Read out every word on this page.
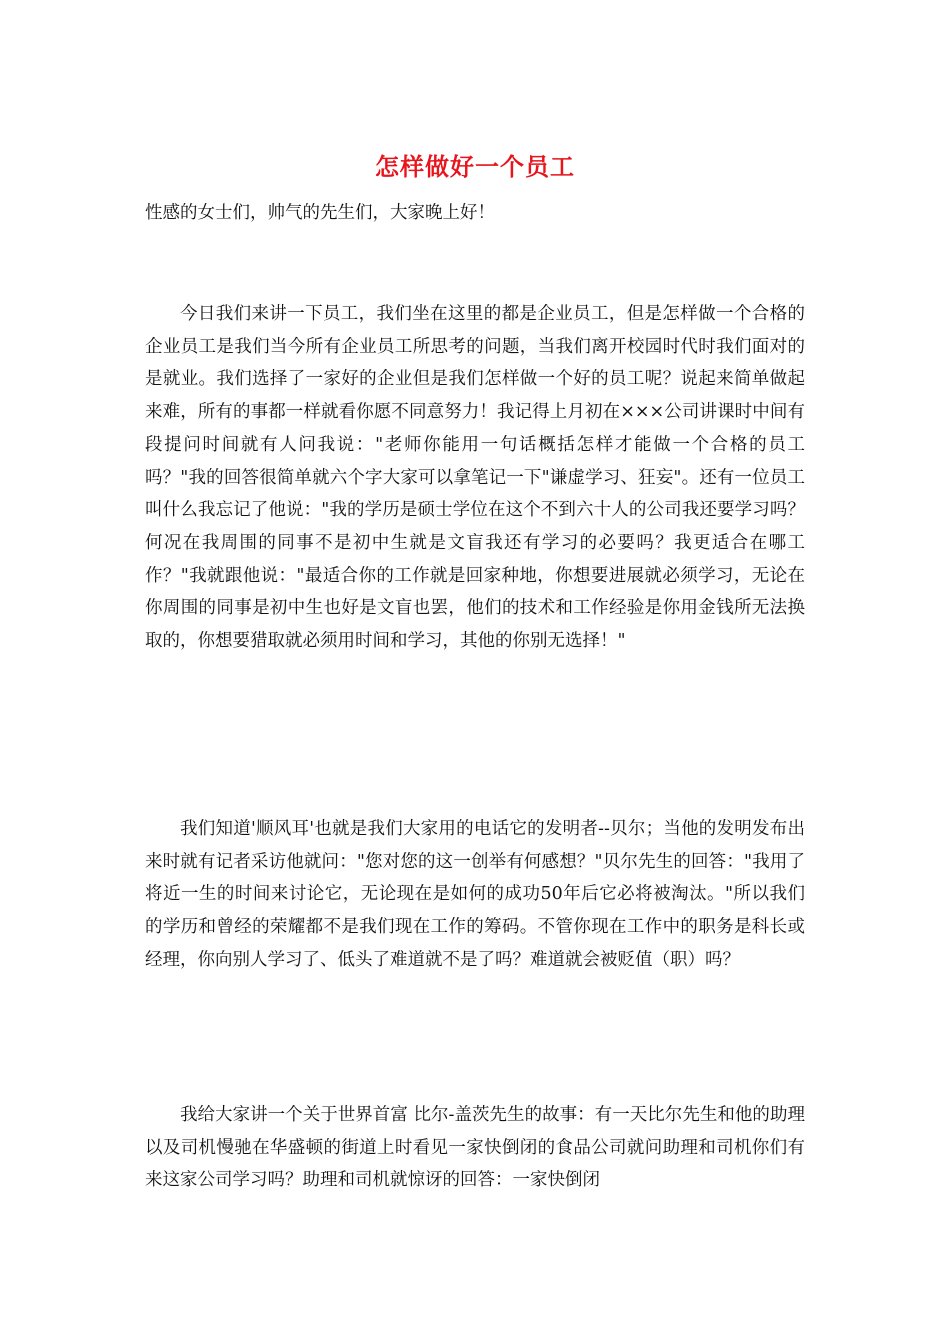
怎样做好一个员工
性感的女士们，帅气的先生们，大家晚上好！

今日我们来讲一下员工，我们坐在这里的都是企业员工，但是怎样做一个合格的企业员工是我们当今所有企业员工所思考的问题，当我们离开校园时代时我们面对的是就业。我们选择了一家好的企业但是我们怎样做一个好的员工呢？说起来简单做起来难，所有的事都一样就看你愿不同意努力！我记得上月初在×××公司讲课时中间有段提问时间就有人问我说："老师你能用一句话概括怎样才能做一个合格的员工吗？"我的回答很简单就六个字大家可以拿笔记一下"谦虚学习、狂妄"。还有一位员工叫什么我忘记了他说："我的学历是硕士学位在这个不到六十人的公司我还要学习吗？何况在我周围的同事不是初中生就是文盲我还有学习的必要吗？我更适合在哪工作？"我就跟他说："最适合你的工作就是回家种地，你想要进展就必须学习，无论在你周围的同事是初中生也好是文盲也罢，他们的技术和工作经验是你用金钱所无法换取的，你想要猎取就必须用时间和学习，其他的你别无选择！"

我们知道'顺风耳'也就是我们大家用的电话它的发明者--贝尔；当他的发明发布出来时就有记者采访他就问："您对您的这一创举有何感想？"贝尔先生的回答："我用了将近一生的时间来讨论它，无论现在是如何的成功50年后它必将被淘汰。"所以我们的学历和曾经的荣耀都不是我们现在工作的筹码。不管你现在工作中的职务是科长或经理，你向别人学习了、低头了难道就不是了吗？难道就会被贬值（职）吗？

我给大家讲一个关于世界首富 比尔-盖茨先生的故事：有一天比尔先生和他的助理以及司机慢驰在华盛顿的街道上时看见一家快倒闭的食品公司就问助理和司机你们有来这家公司学习吗？助理和司机就惊讶的回答：一家快倒闭
